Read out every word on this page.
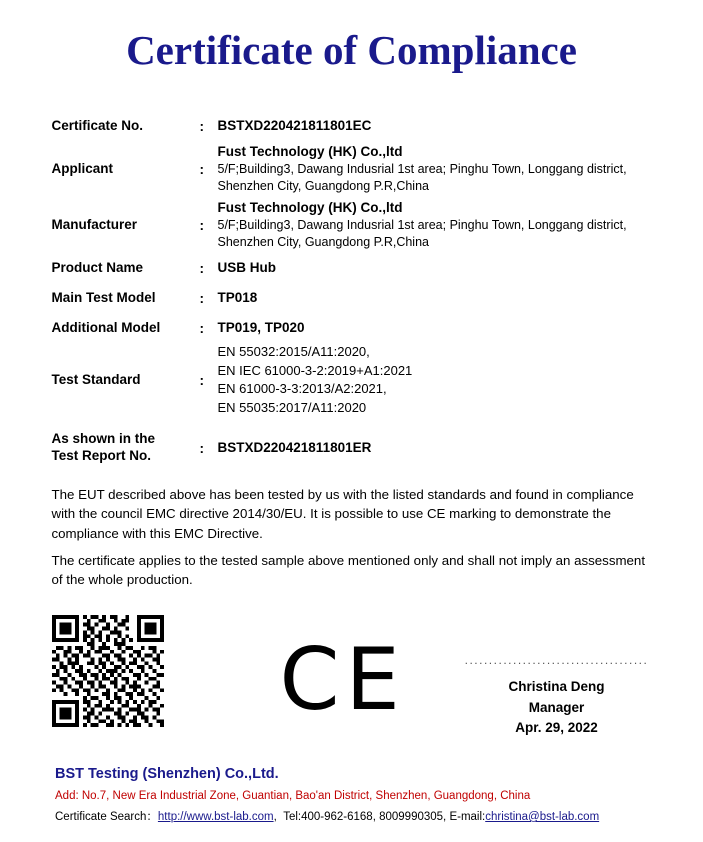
Certificate of Compliance
Certificate No.	:	BSTXD220421811801EC
Applicant	:
Fust Technology (HK) Co.,ltd
5/F;Building3, Dawang Indusrial 1st area; Pinghu Town, Longgang district, Shenzhen City, Guangdong P.R,China
Manufacturer	:
Fust Technology (HK) Co.,ltd
5/F;Building3, Dawang Indusrial 1st area; Pinghu Town, Longgang district, Shenzhen City, Guangdong P.R,China
Product Name	:	USB Hub
Main Test Model	:	TP018
Additional Model	:	TP019, TP020
Test Standard	:
EN 55032:2015/A11:2020,
EN IEC 61000-3-2:2019+A1:2021
EN 61000-3-3:2013/A2:2021,
EN 55035:2017/A11:2020
As shown in the
Test Report No.	:	BSTXD220421811801ER

The EUT described above has been tested by us with the listed standards and found in compliance with the council EMC directive 2014/30/EU. It is possible to use CE marking to demonstrate the compliance with this EMC Directive.

The certificate applies to the tested sample above mentioned only and shall not imply an assessment of the whole production.

CE	......................................
Christina Deng
Manager
Apr. 29, 2022
BST Testing (Shenzhen) Co.,Ltd.
Add: No.7, New Era Industrial Zone, Guantian, Bao'an District, Shenzhen, Guangdong, China
Certificate Search：http://www.bst-lab.com,  Tel:400-962-6168, 8009990305, E-mail:christina@bst-lab.com
